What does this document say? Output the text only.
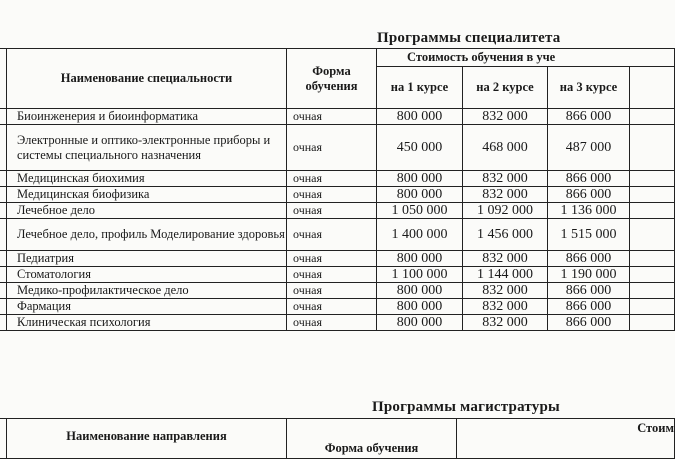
Программы специалитета
	Наименование специальности	Форма обучения	Стоимость обучения в уче			
			на 1 курсе	на 2 курсе	на 3 курсе	
	Биоинженерия и биоинформатика	очная	800 000	832 000	866 000	
	Электронные и оптико-электронные приборы и системы специального назначения	очная	450 000	468 000	487 000	
	Медицинская биохимия	очная	800 000	832 000	866 000	
	Медицинская биофизика	очная	800 000	832 000	866 000	
	Лечебное дело	очная	1 050 000	1 092 000	1 136 000	
	Лечебное дело, профиль Моделирование здоровья	очная	1 400 000	1 456 000	1 515 000	
	Педиатрия	очная	800 000	832 000	866 000	
	Стоматология	очная	1 100 000	1 144 000	1 190 000	
	Медико-профилактическое дело	очная	800 000	832 000	866 000	
	Фармация	очная	800 000	832 000	866 000	
	Клиническая психология	очная	800 000	832 000	866 000	
Программы магистратуры
	Наименование направления	Форма обучения	Стоим
